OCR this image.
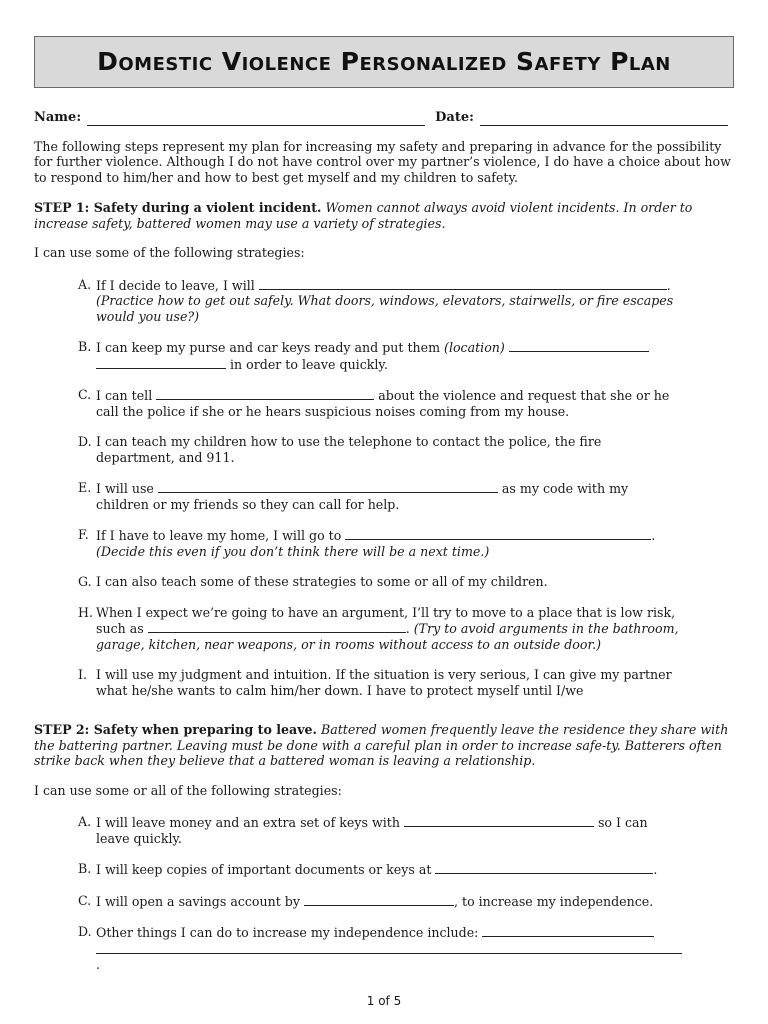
Domestic Violence Personalized Safety Plan
Name:	Date:

The following steps represent my plan for increasing my safety and preparing in advance for the possibility for further violence. Although I do not have control over my partner’s violence, I do have a choice about how to respond to him/her and how to best get myself and my children to safety.

STEP 1: Safety during a violent incident. Women cannot always avoid violent incidents. In order to increase safety, battered women may use a variety of strategies.

I can use some of the following strategies:

A. If I decide to leave, I will	.
(Practice how to get out safely. What doors, windows, elevators, stairwells, or fire escapes would you use?)
B. I can keep my purse and car keys ready and put them (location)
in order to leave quickly.
C. I can tell	about the violence and request that she or he call the police if she or he hears suspicious noises coming from my house.
D. I can teach my children how to use the telephone to contact the police, the fire department, and 911.
E. I will use	as my code with my children or my friends so they can call for help.
F. If I have to leave my home, I will go to	.
(Decide this even if you don’t think there will be a next time.)
G. I can also teach some of these strategies to some or all of my children.
H. When I expect we’re going to have an argument, I’ll try to move to a place that is low risk, such as	. (Try to avoid arguments in the bathroom, garage, kitchen, near weapons, or in rooms without access to an outside door.)
I. I will use my judgment and intuition. If the situation is very serious, I can give my partner what he/she wants to calm him/her down. I have to protect myself until I/we

STEP 2: Safety when preparing to leave. Battered women frequently leave the residence they share with the battering partner. Leaving must be done with a careful plan in order to increase safe-ty. Batterers often strike back when they believe that a battered woman is leaving a relationship.

I can use some or all of the following strategies:

A. I will leave money and an extra set of keys with	so I can leave quickly.
B. I will keep copies of important documents or keys at	.
C. I will open a savings account by	, to increase my independence.
D. Other things I can do to increase my independence include:
.
1 of 5
